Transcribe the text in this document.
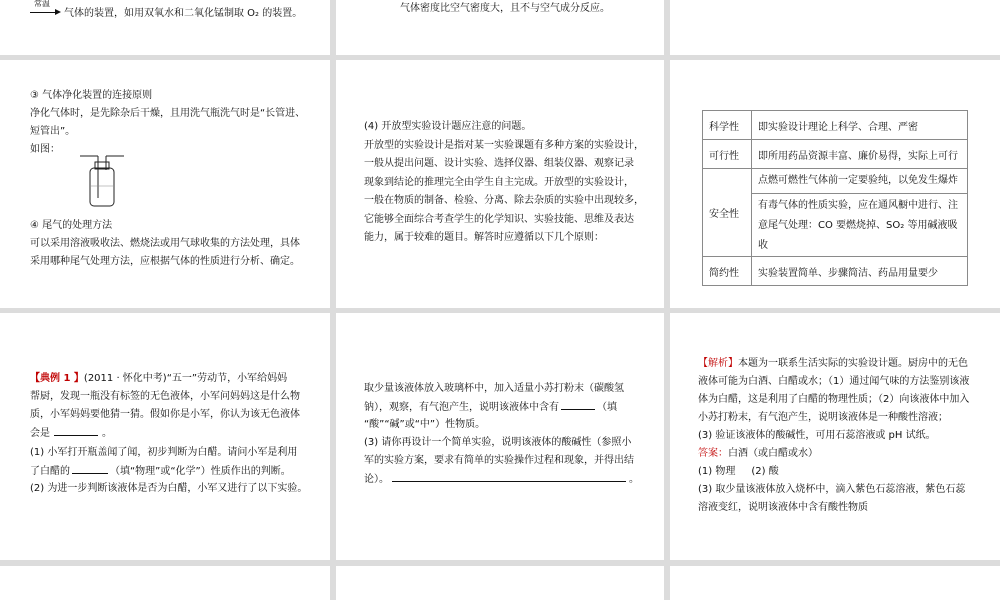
常温
气体的装置，如用双氧水和二氧化锰制取 O₂ 的装置。	气体密度比空气密度大，且不与空气成分反应。
③ 气体净化装置的连接原则
净化气体时，是先除杂后干燥，且用洗气瓶洗气时是“长管进、
短管出”。
如图：
④ 尾气的处理方法
可以采用溶液吸收法、燃烧法或用气球收集的方法处理，具体
采用哪种尾气处理方法，应根据气体的性质进行分析、确定。
(4) 开放型实验设计题应注意的问题。
开放型的实验设计是指对某一实验课题有多种方案的实验设计，
一般从提出问题、设计实验、选择仪器、组装仪器、观察记录
现象到结论的推理完全由学生自主完成。开放型的实验设计，
一般在物质的制备、检验、分离、除去杂质的实验中出现较多，
它能够全面综合考查学生的化学知识、实验技能、思维及表达
能力，属于较难的题目。解答时应遵循以下几个原则：
科学性	即实验设计理论上科学、合理、严密
可行性	即所用药品资源丰富、廉价易得，实际上可行
安全性	点燃可燃性气体前一定要验纯，以免发生爆炸
有毒气体的性质实验，应在通风橱中进行、注
意尾气处理：CO 要燃烧掉、SO₂ 等用碱液吸收

简约性	实验装置简单、步骤简洁、药品用量要少
【典例 1 】(2011 · 怀化中考)“五一”劳动节，小军给妈妈
帮厨，发现一瓶没有标签的无色液体，小军问妈妈这是什么物
质，小军妈妈要他猜一猜。假如你是小军，你认为该无色液体
会是	。
(1) 小军打开瓶盖闻了闻，初步判断为白醋。请问小军是利用
了白醋的	（填“物理”或“化学”）性质作出的判断。
(2) 为进一步判断该液体是否为白醋，小军又进行了以下实验。
取少量该液体放入玻璃杯中，加入适量小苏打粉末（碳酸氢
钠），观察，有气泡产生，说明该液体中含有	（填
“酸”“碱”或“中”）性物质。
(3) 请你再设计一个简单实验，说明该液体的酸碱性（参照小
军的实验方案，要求有简单的实验操作过程和现象，并得出结
论）。	。
【解析】本题为一联系生活实际的实验设计题。厨房中的无色
液体可能为白酒、白醋或水；（1）通过闻气味的方法鉴别该液
体为白醋，这是利用了白醋的物理性质；（2）向该液体中加入
小苏打粉末，有气泡产生，说明该液体是一种酸性溶液；
(3) 验证该液体的酸碱性，可用石蕊溶液或 pH 试纸。
答案：白酒（或白醋或水）
(1) 物理 (2) 酸
(3) 取少量该液体放入烧杯中，滴入紫色石蕊溶液，紫色石蕊
溶液变红，说明该液体中含有酸性物质
